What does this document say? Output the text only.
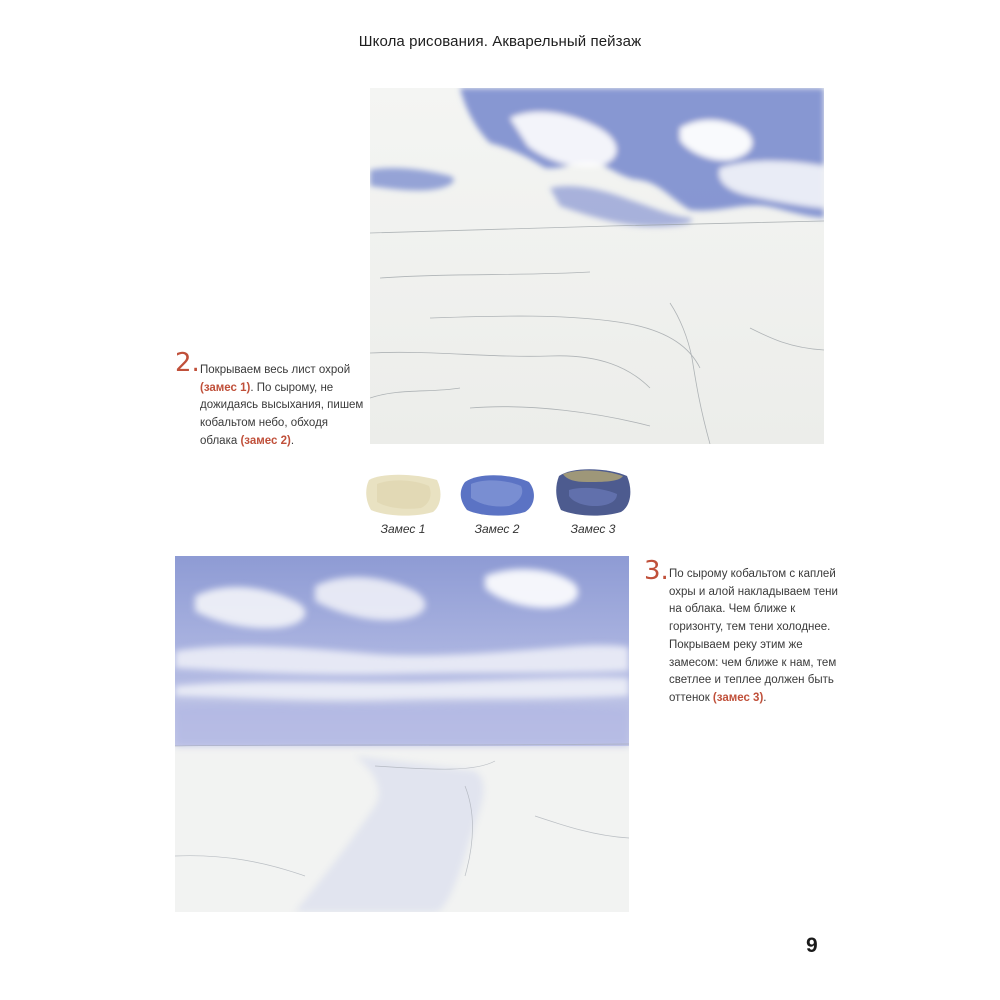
Школа рисования. Акварельный пейзаж
2. Покрываем весь лист охрой (замес 1). По сырому, не дожидаясь высыхания, пишем кобальтом небо, обходя облака (замес 2).
Замес 1	Замес 2	Замес 3
3. По сырому кобальтом с каплей охры и алой накладываем тени на облака. Чем ближе к горизонту, тем тени холоднее. Покрываем реку этим же замесом: чем ближе к нам, тем светлее и теплее должен быть оттенок (замес 3).
9
